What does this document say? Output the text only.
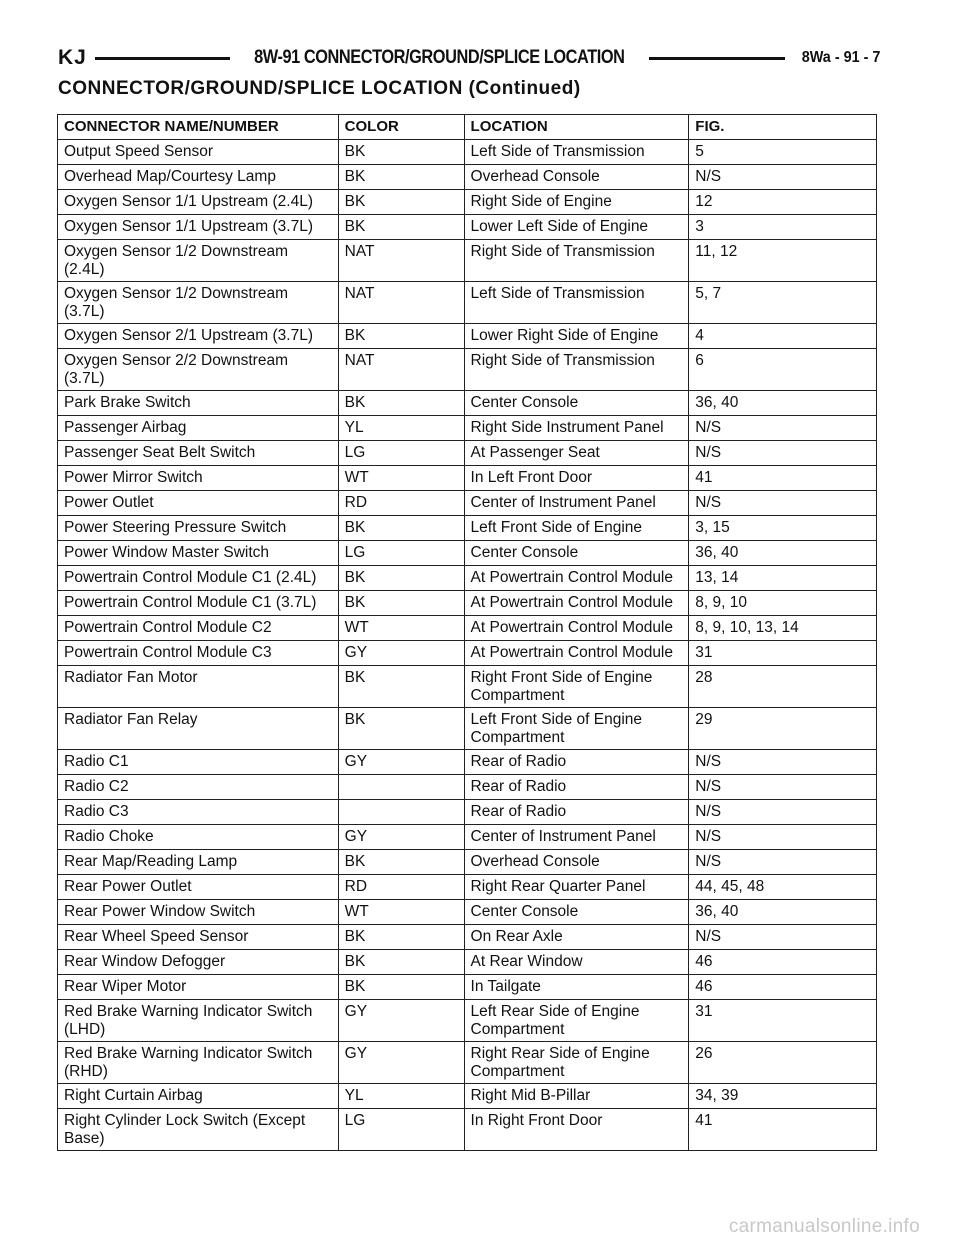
KJ	8W-91 CONNECTOR/GROUND/SPLICE LOCATION	8Wa - 91 - 7
CONNECTOR/GROUND/SPLICE LOCATION (Continued)
CONNECTOR NAME/NUMBER	COLOR	LOCATION	FIG.
Output Speed Sensor	BK	Left Side of Transmission	5
Overhead Map/Courtesy Lamp	BK	Overhead Console	N/S
Oxygen Sensor 1/1 Upstream (2.4L)	BK	Right Side of Engine	12
Oxygen Sensor 1/1 Upstream (3.7L)	BK	Lower Left Side of Engine	3
Oxygen Sensor 1/2 Downstream
(2.4L)	NAT	Right Side of Transmission	11, 12
Oxygen Sensor 1/2 Downstream
(3.7L)	NAT	Left Side of Transmission	5, 7
Oxygen Sensor 2/1 Upstream (3.7L)	BK	Lower Right Side of Engine	4
Oxygen Sensor 2/2 Downstream
(3.7L)	NAT	Right Side of Transmission	6
Park Brake Switch	BK	Center Console	36, 40
Passenger Airbag	YL	Right Side Instrument Panel	N/S
Passenger Seat Belt Switch	LG	At Passenger Seat	N/S
Power Mirror Switch	WT	In Left Front Door	41
Power Outlet	RD	Center of Instrument Panel	N/S
Power Steering Pressure Switch	BK	Left Front Side of Engine	3, 15
Power Window Master Switch	LG	Center Console	36, 40
Powertrain Control Module C1 (2.4L)	BK	At Powertrain Control Module	13, 14
Powertrain Control Module C1 (3.7L)	BK	At Powertrain Control Module	8, 9, 10
Powertrain Control Module C2	WT	At Powertrain Control Module	8, 9, 10, 13, 14
Powertrain Control Module C3	GY	At Powertrain Control Module	31
Radiator Fan Motor	BK	Right Front Side of Engine
Compartment	28
Radiator Fan Relay	BK	Left Front Side of Engine
Compartment	29
Radio C1	GY	Rear of Radio	N/S
Radio C2		Rear of Radio	N/S
Radio C3		Rear of Radio	N/S
Radio Choke	GY	Center of Instrument Panel	N/S
Rear Map/Reading Lamp	BK	Overhead Console	N/S
Rear Power Outlet	RD	Right Rear Quarter Panel	44, 45, 48
Rear Power Window Switch	WT	Center Console	36, 40
Rear Wheel Speed Sensor	BK	On Rear Axle	N/S
Rear Window Defogger	BK	At Rear Window	46
Rear Wiper Motor	BK	In Tailgate	46
Red Brake Warning Indicator Switch
(LHD)	GY	Left Rear Side of Engine
Compartment	31
Red Brake Warning Indicator Switch
(RHD)	GY	Right Rear Side of Engine
Compartment	26
Right Curtain Airbag	YL	Right Mid B-Pillar	34, 39
Right Cylinder Lock Switch (Except
Base)	LG	In Right Front Door	41
carmanualsonline.info
